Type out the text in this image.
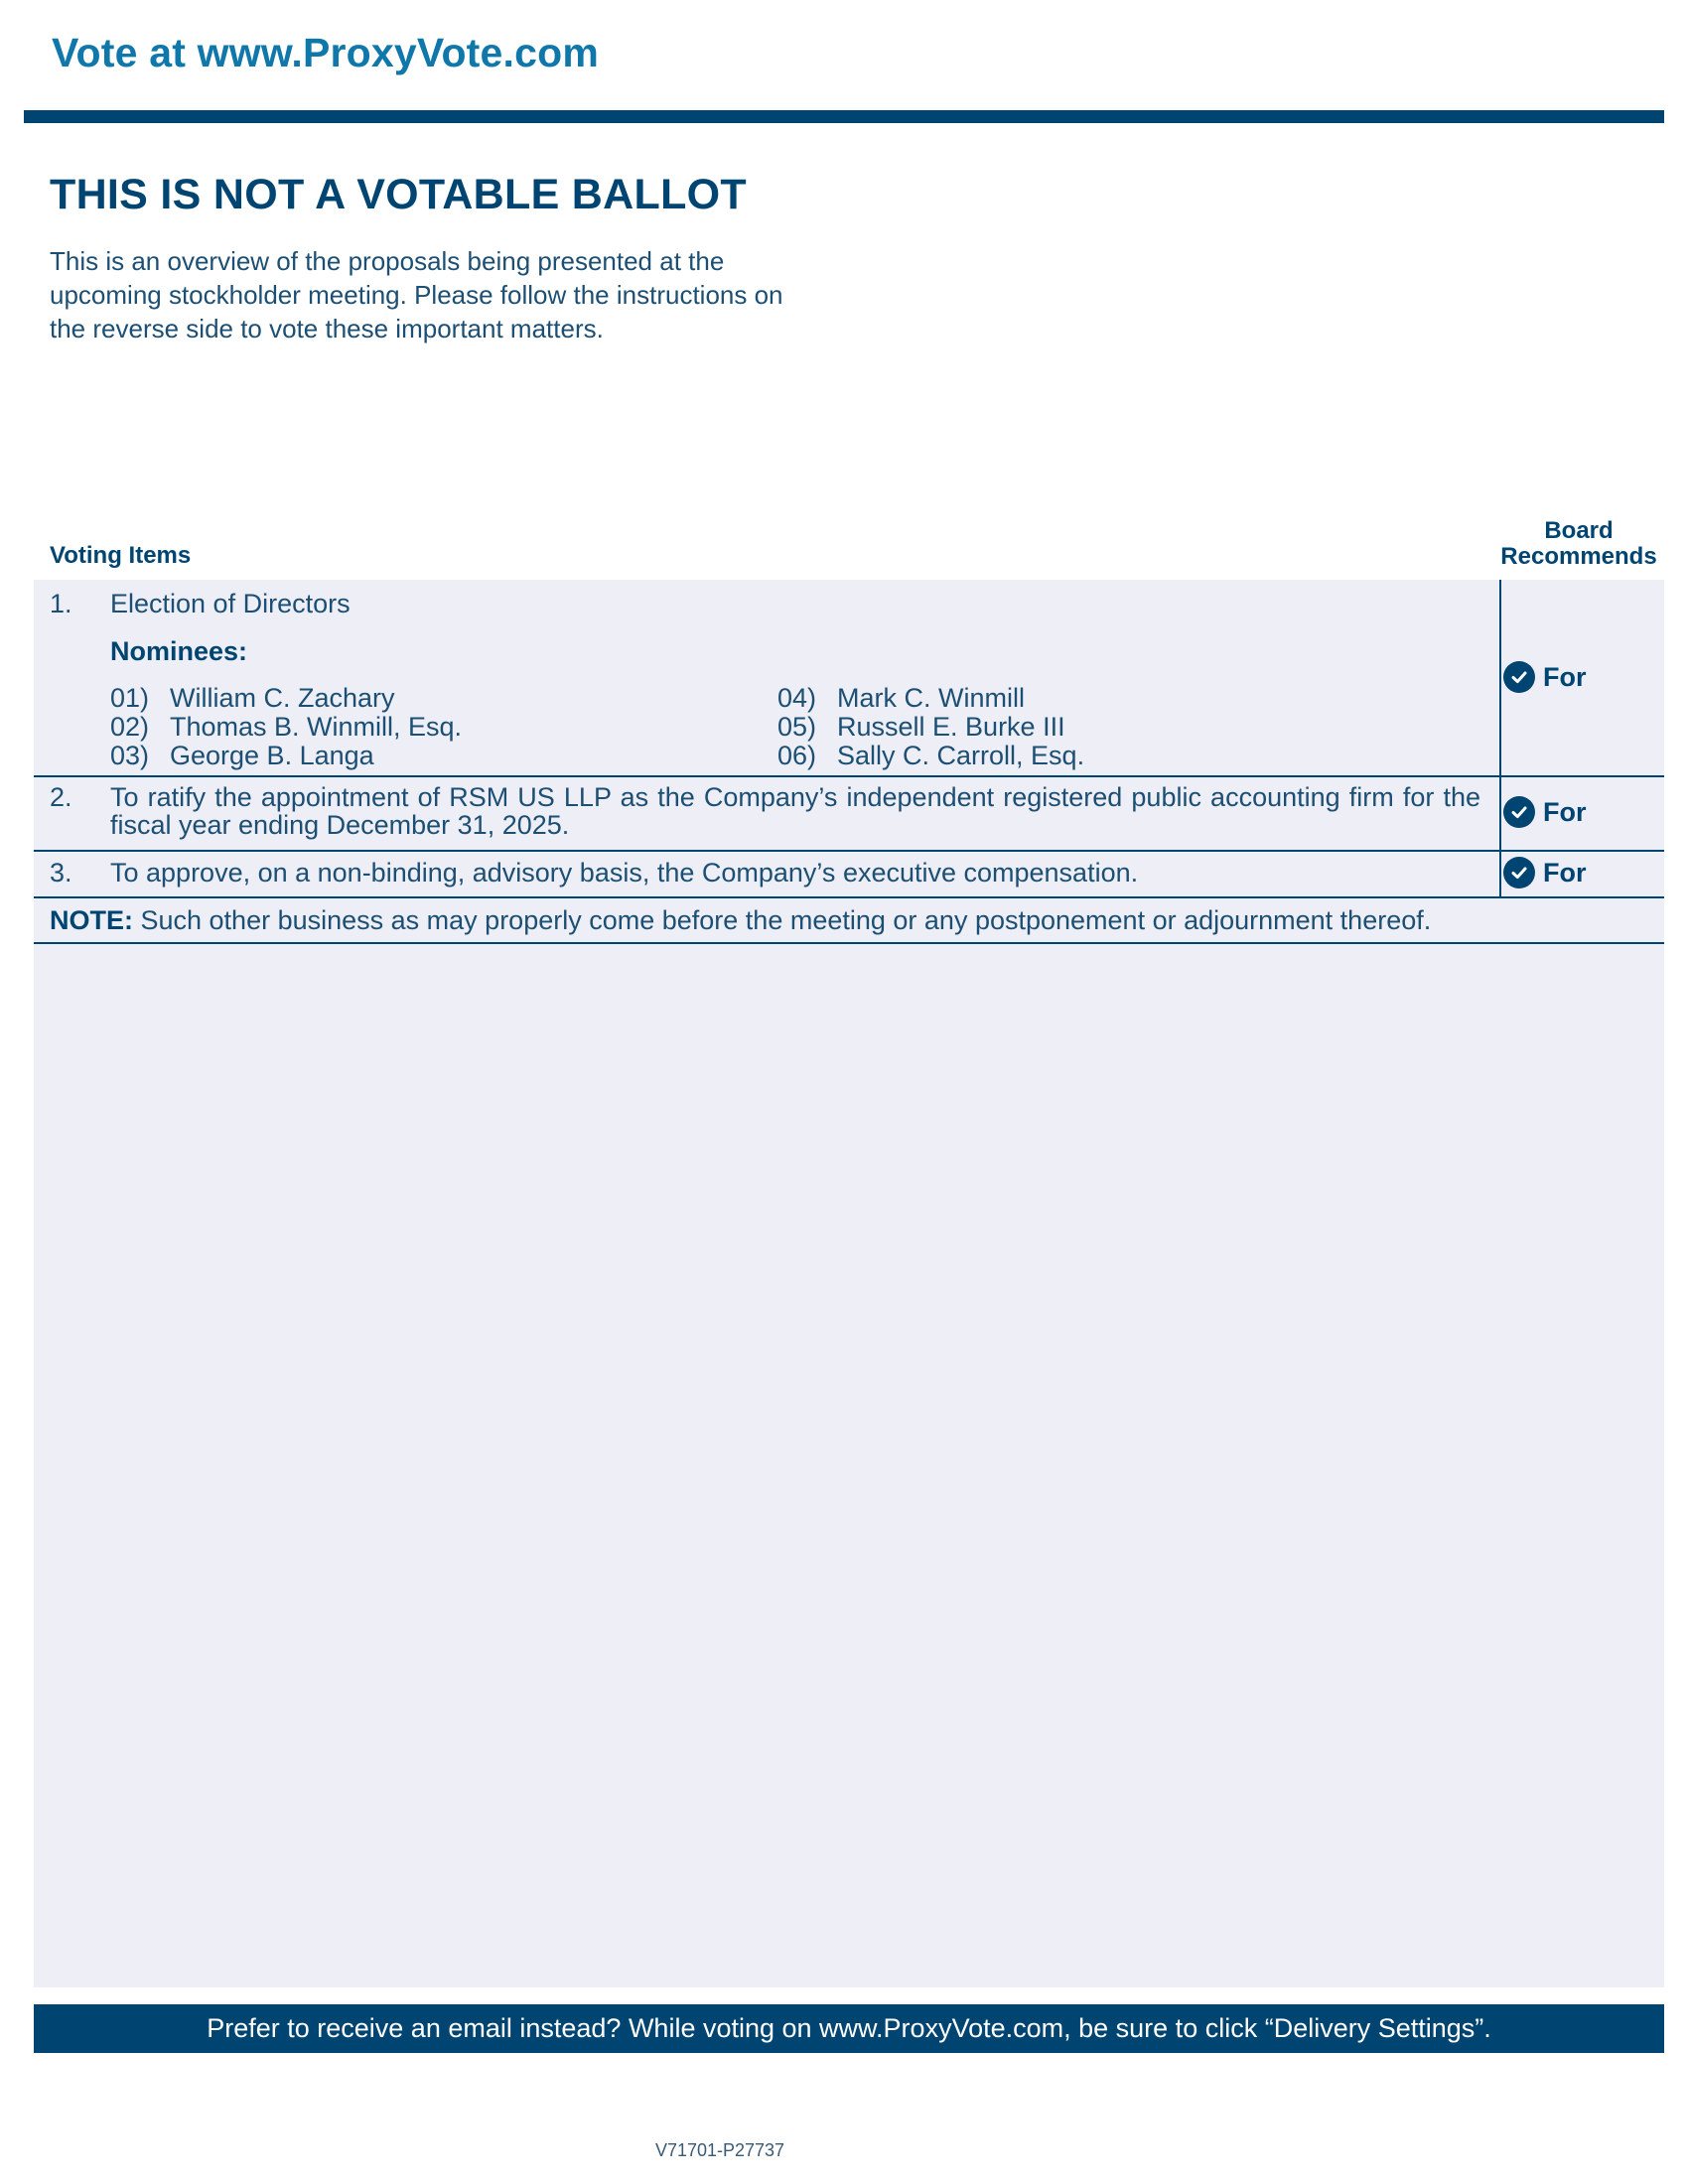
Vote at www.ProxyVote.com
THIS IS NOT A VOTABLE BALLOT
This is an overview of the proposals being presented at the
upcoming stockholder meeting. Please follow the instructions on
the reverse side to vote these important matters.
Voting Items
Board
Recommends
1. Election of Directors
Nominees:
01) William C. Zachary
02) Thomas B. Winmill, Esq.
03) George B. Langa
04) Mark C. Winmill
05) Russell E. Burke III
06) Sally C. Carroll, Esq.
For
2. To ratify the appointment of RSM US LLP as the Company’s independent registered public accounting firm for the
fiscal year ending December 31, 2025.	For
3. To approve, on a non-binding, advisory basis, the Company’s executive compensation.	For
NOTE: Such other business as may properly come before the meeting or any postponement or adjournment thereof.
Prefer to receive an email instead? While voting on www.ProxyVote.com, be sure to click “Delivery Settings”.
V71701-P27737
